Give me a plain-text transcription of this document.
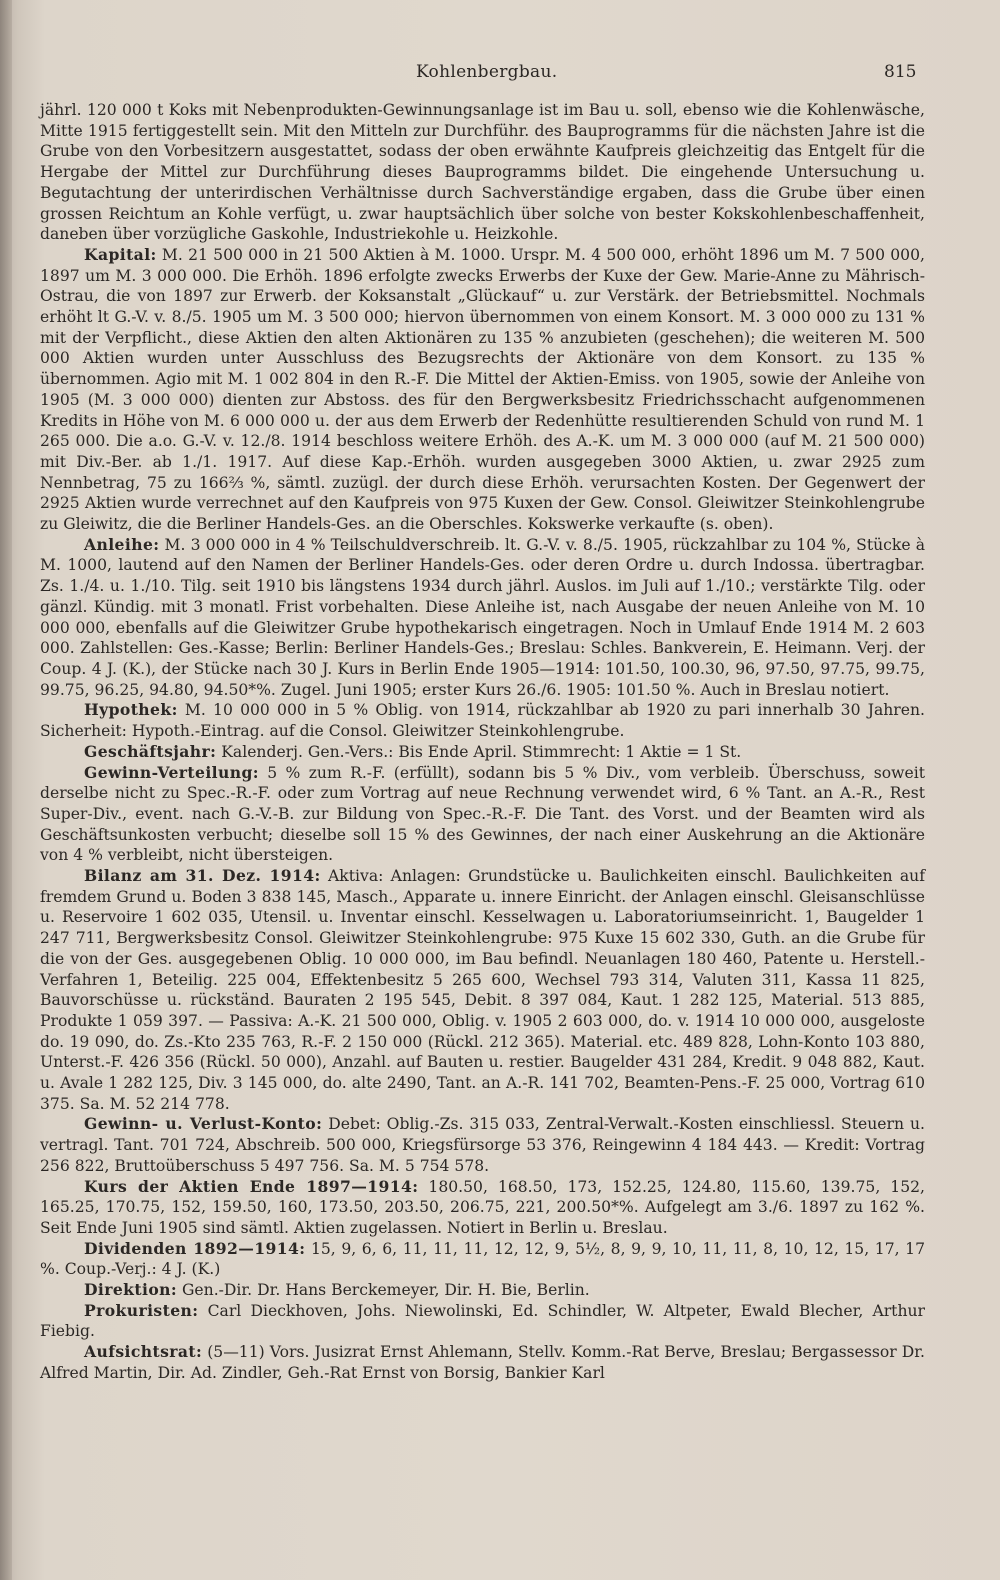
Kohlenbergbau.	815

jährl. 120 000 t Koks mit Nebenprodukten-Gewinnungsanlage ist im Bau u. soll, ebenso wie die Kohlenwäsche, Mitte 1915 fertiggestellt sein. Mit den Mitteln zur Durchführ. des Bauprogramms für die nächsten Jahre ist die Grube von den Vorbesitzern ausgestattet, sodass der oben erwähnte Kaufpreis gleichzeitig das Entgelt für die Hergabe der Mittel zur Durchführung dieses Bauprogramms bildet. Die eingehende Untersuchung u. Begutachtung der unterirdischen Verhältnisse durch Sachverständige ergaben, dass die Grube über einen grossen Reichtum an Kohle verfügt, u. zwar hauptsächlich über solche von bester Kokskohlenbeschaffenheit, daneben über vorzügliche Gaskohle, Industriekohle u. Heizkohle.

Kapital: M. 21 500 000 in 21 500 Aktien à M. 1000. Urspr. M. 4 500 000, erhöht 1896 um M. 7 500 000, 1897 um M. 3 000 000. Die Erhöh. 1896 erfolgte zwecks Erwerbs der Kuxe der Gew. Marie-Anne zu Mährisch-Ostrau, die von 1897 zur Erwerb. der Koksanstalt „Glückauf“ u. zur Verstärk. der Betriebsmittel. Nochmals erhöht lt G.-V. v. 8./5. 1905 um M. 3 500 000; hiervon übernommen von einem Konsort. M. 3 000 000 zu 131 % mit der Verpflicht., diese Aktien den alten Aktionären zu 135 % anzubieten (geschehen); die weiteren M. 500 000 Aktien wurden unter Ausschluss des Bezugsrechts der Aktionäre von dem Konsort. zu 135 % übernommen. Agio mit M. 1 002 804 in den R.-F. Die Mittel der Aktien-Emiss. von 1905, sowie der Anleihe von 1905 (M. 3 000 000) dienten zur Abstoss. des für den Bergwerksbesitz Friedrichsschacht aufgenommenen Kredits in Höhe von M. 6 000 000 u. der aus dem Erwerb der Redenhütte resultierenden Schuld von rund M. 1 265 000. Die a.o. G.-V. v. 12./8. 1914 beschloss weitere Erhöh. des A.-K. um M. 3 000 000 (auf M. 21 500 000) mit Div.-Ber. ab 1./1. 1917. Auf diese Kap.-Erhöh. wurden ausgegeben 3000 Aktien, u. zwar 2925 zum Nennbetrag, 75 zu 166⅔ %, sämtl. zuzügl. der durch diese Erhöh. verursachten Kosten. Der Gegenwert der 2925 Aktien wurde verrechnet auf den Kaufpreis von 975 Kuxen der Gew. Consol. Gleiwitzer Steinkohlengrube zu Gleiwitz, die die Berliner Handels-Ges. an die Oberschles. Kokswerke verkaufte (s. oben).

Anleihe: M. 3 000 000 in 4 % Teilschuldverschreib. lt. G.-V. v. 8./5. 1905, rückzahlbar zu 104 %, Stücke à M. 1000, lautend auf den Namen der Berliner Handels-Ges. oder deren Ordre u. durch Indossa. übertragbar. Zs. 1./4. u. 1./10. Tilg. seit 1910 bis längstens 1934 durch jährl. Auslos. im Juli auf 1./10.; verstärkte Tilg. oder gänzl. Kündig. mit 3 monatl. Frist vorbehalten. Diese Anleihe ist, nach Ausgabe der neuen Anleihe von M. 10 000 000, ebenfalls auf die Gleiwitzer Grube hypothekarisch eingetragen. Noch in Umlauf Ende 1914 M. 2 603 000. Zahlstellen: Ges.-Kasse; Berlin: Berliner Handels-Ges.; Breslau: Schles. Bankverein, E. Heimann. Verj. der Coup. 4 J. (K.), der Stücke nach 30 J. Kurs in Berlin Ende 1905—1914: 101.50, 100.30, 96, 97.50, 97.75, 99.75, 99.75, 96.25, 94.80, 94.50*%. Zugel. Juni 1905; erster Kurs 26./6. 1905: 101.50 %. Auch in Breslau notiert.

Hypothek: M. 10 000 000 in 5 % Oblig. von 1914, rückzahlbar ab 1920 zu pari innerhalb 30 Jahren. Sicherheit: Hypoth.-Eintrag. auf die Consol. Gleiwitzer Steinkohlengrube.

Geschäftsjahr: Kalenderj. Gen.-Vers.: Bis Ende April. Stimmrecht: 1 Aktie = 1 St.

Gewinn-Verteilung: 5 % zum R.-F. (erfüllt), sodann bis 5 % Div., vom verbleib. Überschuss, soweit derselbe nicht zu Spec.-R.-F. oder zum Vortrag auf neue Rechnung verwendet wird, 6 % Tant. an A.-R., Rest Super-Div., event. nach G.-V.-B. zur Bildung von Spec.-R.-F. Die Tant. des Vorst. und der Beamten wird als Geschäftsunkosten verbucht; dieselbe soll 15 % des Gewinnes, der nach einer Auskehrung an die Aktionäre von 4 % verbleibt, nicht übersteigen.

Bilanz am 31. Dez. 1914: Aktiva: Anlagen: Grundstücke u. Baulichkeiten einschl. Baulichkeiten auf fremdem Grund u. Boden 3 838 145, Masch., Apparate u. innere Einricht. der Anlagen einschl. Gleisanschlüsse u. Reservoire 1 602 035, Utensil. u. Inventar einschl. Kesselwagen u. Laboratoriumseinricht. 1, Baugelder 1 247 711, Bergwerksbesitz Consol. Gleiwitzer Steinkohlengrube: 975 Kuxe 15 602 330, Guth. an die Grube für die von der Ges. ausgegebenen Oblig. 10 000 000, im Bau befindl. Neuanlagen 180 460, Patente u. Herstell.-Verfahren 1, Beteilig. 225 004, Effektenbesitz 5 265 600, Wechsel 793 314, Valuten 311, Kassa 11 825, Bauvorschüsse u. rückständ. Bauraten 2 195 545, Debit. 8 397 084, Kaut. 1 282 125, Material. 513 885, Produkte 1 059 397. — Passiva: A.-K. 21 500 000, Oblig. v. 1905 2 603 000, do. v. 1914 10 000 000, ausgeloste do. 19 090, do. Zs.-Kto 235 763, R.-F. 2 150 000 (Rückl. 212 365). Material. etc. 489 828, Lohn-Konto 103 880, Unterst.-F. 426 356 (Rückl. 50 000), Anzahl. auf Bauten u. restier. Baugelder 431 284, Kredit. 9 048 882, Kaut. u. Avale 1 282 125, Div. 3 145 000, do. alte 2490, Tant. an A.-R. 141 702, Beamten-Pens.-F. 25 000, Vortrag 610 375. Sa. M. 52 214 778.

Gewinn- u. Verlust-Konto: Debet: Oblig.-Zs. 315 033, Zentral-Verwalt.-Kosten einschliessl. Steuern u. vertragl. Tant. 701 724, Abschreib. 500 000, Kriegsfürsorge 53 376, Reingewinn 4 184 443. — Kredit: Vortrag 256 822, Bruttoüberschuss 5 497 756. Sa. M. 5 754 578.

Kurs der Aktien Ende 1897—1914: 180.50, 168.50, 173, 152.25, 124.80, 115.60, 139.75, 152, 165.25, 170.75, 152, 159.50, 160, 173.50, 203.50, 206.75, 221, 200.50*%. Aufgelegt am 3./6. 1897 zu 162 %. Seit Ende Juni 1905 sind sämtl. Aktien zugelassen. Notiert in Berlin u. Breslau.

Dividenden 1892—1914: 15, 9, 6, 6, 11, 11, 11, 12, 12, 9, 5½, 8, 9, 9, 10, 11, 11, 8, 10, 12, 15, 17, 17 %. Coup.-Verj.: 4 J. (K.)

Direktion: Gen.-Dir. Dr. Hans Berckemeyer, Dir. H. Bie, Berlin.

Prokuristen: Carl Dieckhoven, Johs. Niewolinski, Ed. Schindler, W. Altpeter, Ewald Blecher, Arthur Fiebig.

Aufsichtsrat: (5—11) Vors. Jusizrat Ernst Ahlemann, Stellv. Komm.-Rat Berve, Breslau; Bergassessor Dr. Alfred Martin, Dir. Ad. Zindler, Geh.-Rat Ernst von Borsig, Bankier Karl
